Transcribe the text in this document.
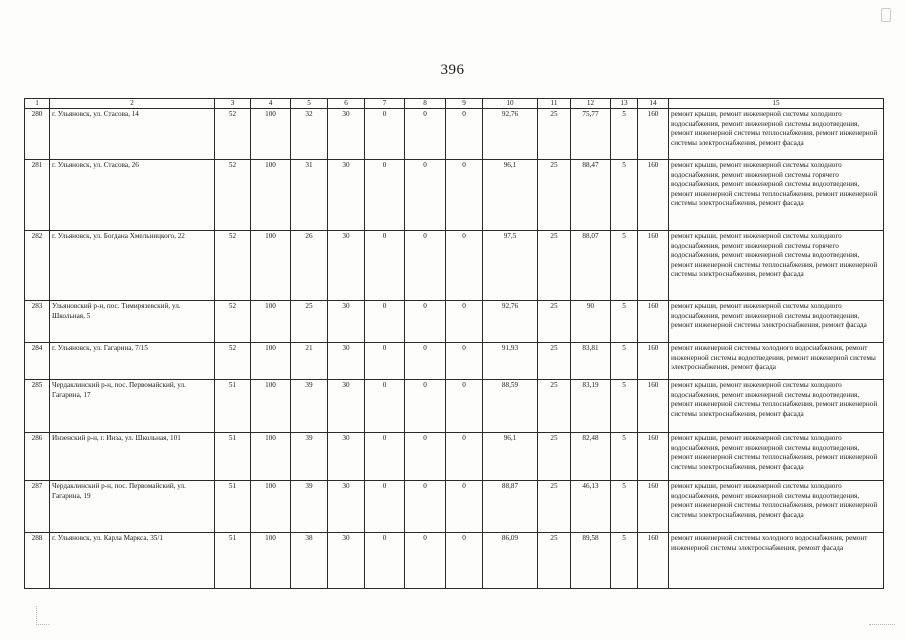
396
1	2	3	4	5	6	7	8	9	10	11	12	13	14	15
280	г. Ульяновск, ул. Стасова, 14	52	100	32	30	0	0	0	92,76	25	75,77	5	160	ремонт крыши, ремонт инженерной системы холодного водоснабжения, ремонт инженерной системы водоотведения, ремонт инженерной системы теплоснабжения, ремонт инженерной системы электроснабжения, ремонт фасада
281	г. Ульяновск, ул. Стасова, 26	52	100	31	30	0	0	0	96,1	25	88,47	5	160	ремонт крыши, ремонт инженерной системы холодного водоснабжения, ремонт инженерной системы горячего водоснабжения, ремонт инженерной системы водоотведения, ремонт инженерной системы теплоснабжения, ремонт инженерной системы электроснабжения, ремонт фасада
282	г. Ульяновск, ул. Богдана Хмельницкого, 22	52	100	26	30	0	0	0	97,5	25	88,07	5	160	ремонт крыши, ремонт инженерной системы холодного водоснабжения, ремонт инженерной системы горячего водоснабжения, ремонт инженерной системы водоотведения, ремонт инженерной системы теплоснабжения, ремонт инженерной системы электроснабжения, ремонт фасада
283	Ульяновский р-н, пос. Тимирязевский, ул. Школьная, 5	52	100	25	30	0	0	0	92,76	25	90	5	160	ремонт крыши, ремонт инженерной системы холодного водоснабжения, ремонт инженерной системы водоотведения, ремонт инженерной системы электроснабжения, ремонт фасада
284	г. Ульяновск, ул. Гагарина, 7/15	52	100	21	30	0	0	0	91,93	25	83,81	5	160	ремонт инженерной системы холодного водоснабжения, ремонт инженерной системы водоотведения, ремонт инженерной системы электроснабжения, ремонт фасада
285	Чердаклинский р-н, пос. Первомайский, ул. Гагарина, 17	51	100	39	30	0	0	0	88,59	25	83,19	5	160	ремонт крыши, ремонт инженерной системы холодного водоснабжения, ремонт инженерной системы водоотведения, ремонт инженерной системы теплоснабжения, ремонт инженерной системы электроснабжения, ремонт фасада
286	Инзенский р-н, г. Инза, ул. Школьная, 101	51	100	39	30	0	0	0	96,1	25	82,48	5	160	ремонт крыши, ремонт инженерной системы холодного водоснабжения, ремонт инженерной системы водоотведения, ремонт инженерной системы теплоснабжения, ремонт инженерной системы электроснабжения, ремонт фасада
287	Чердаклинский р-н, пос. Первомайский, ул. Гагарина, 19	51	100	39	30	0	0	0	88,87	25	46,13	5	160	ремонт крыши, ремонт инженерной системы холодного водоснабжения, ремонт инженерной системы водоотведения, ремонт инженерной системы теплоснабжения, ремонт инженерной системы электроснабжения, ремонт фасада
288	г. Ульяновск, ул. Карла Маркса, 35/1	51	100	38	30	0	0	0	86,09	25	89,58	5	160	ремонт инженерной системы холодного водоснабжения, ремонт инженерной системы электроснабжения, ремонт фасада
